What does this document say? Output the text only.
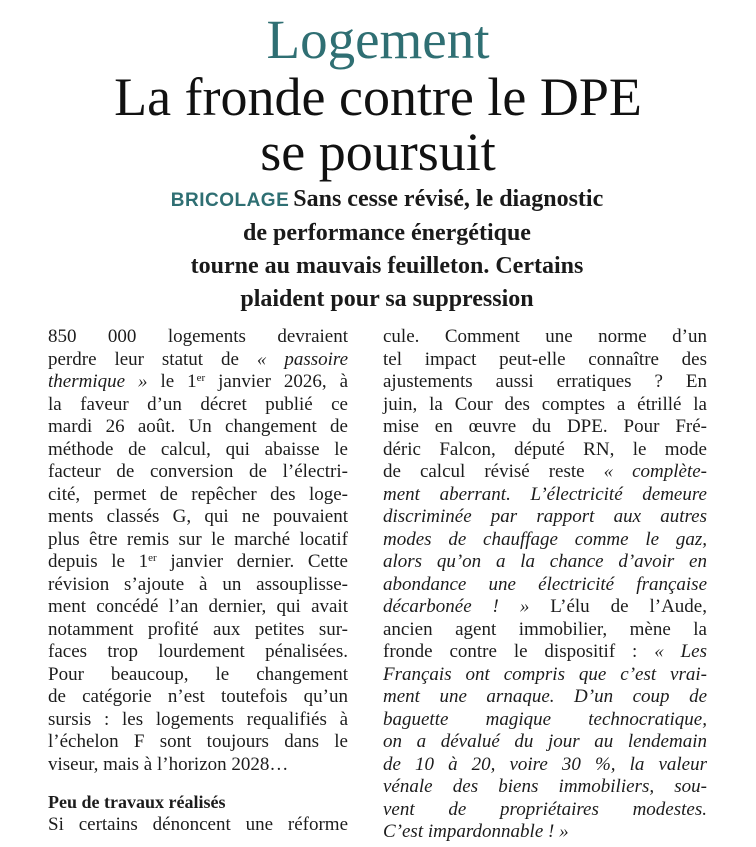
Logement
La fronde contre le DPE
se poursuit
BRICOLAGE Sans cesse révisé, le diagnostic
de performance énergétique
tourne au mauvais feuilleton. Certains
plaident pour sa suppression
850 000 logements devraient
perdre leur statut de « passoire
thermique » le 1er janvier 2026, à
la faveur d’un décret publié ce
mardi 26 août. Un changement de
méthode de calcul, qui abaisse le
facteur de conversion de l’électri-
cité, permet de repêcher des loge-
ments classés G, qui ne pouvaient
plus être remis sur le marché locatif
depuis le 1er janvier dernier. Cette
révision s’ajoute à un assouplisse-
ment concédé l’an dernier, qui avait
notamment profité aux petites sur-
faces trop lourdement pénalisées.
Pour beaucoup, le changement
de catégorie n’est toutefois qu’un
sursis : les logements requalifiés à
l’échelon F sont toujours dans le
viseur, mais à l’horizon 2028…
Peu de travaux réalisés
Si certains dénoncent une réforme
cule. Comment une norme d’un
tel impact peut-elle connaître des
ajustements aussi erratiques ? En
juin, la Cour des comptes a étrillé la
mise en œuvre du DPE. Pour Fré-
déric Falcon, député RN, le mode
de calcul révisé reste « complète-
ment aberrant. L’électricité demeure
discriminée par rapport aux autres
modes de chauffage comme le gaz,
alors qu’on a la chance d’avoir en
abondance une électricité française
décarbonée ! » L’élu de l’Aude,
ancien agent immobilier, mène la
fronde contre le dispositif : « Les
Français ont compris que c’est vrai-
ment une arnaque. D’un coup de
baguette magique technocratique,
on a dévalué du jour au lendemain
de 10 à 20, voire 30 %, la valeur
vénale des biens immobiliers, sou-
vent de propriétaires modestes.
C’est impardonnable ! »
